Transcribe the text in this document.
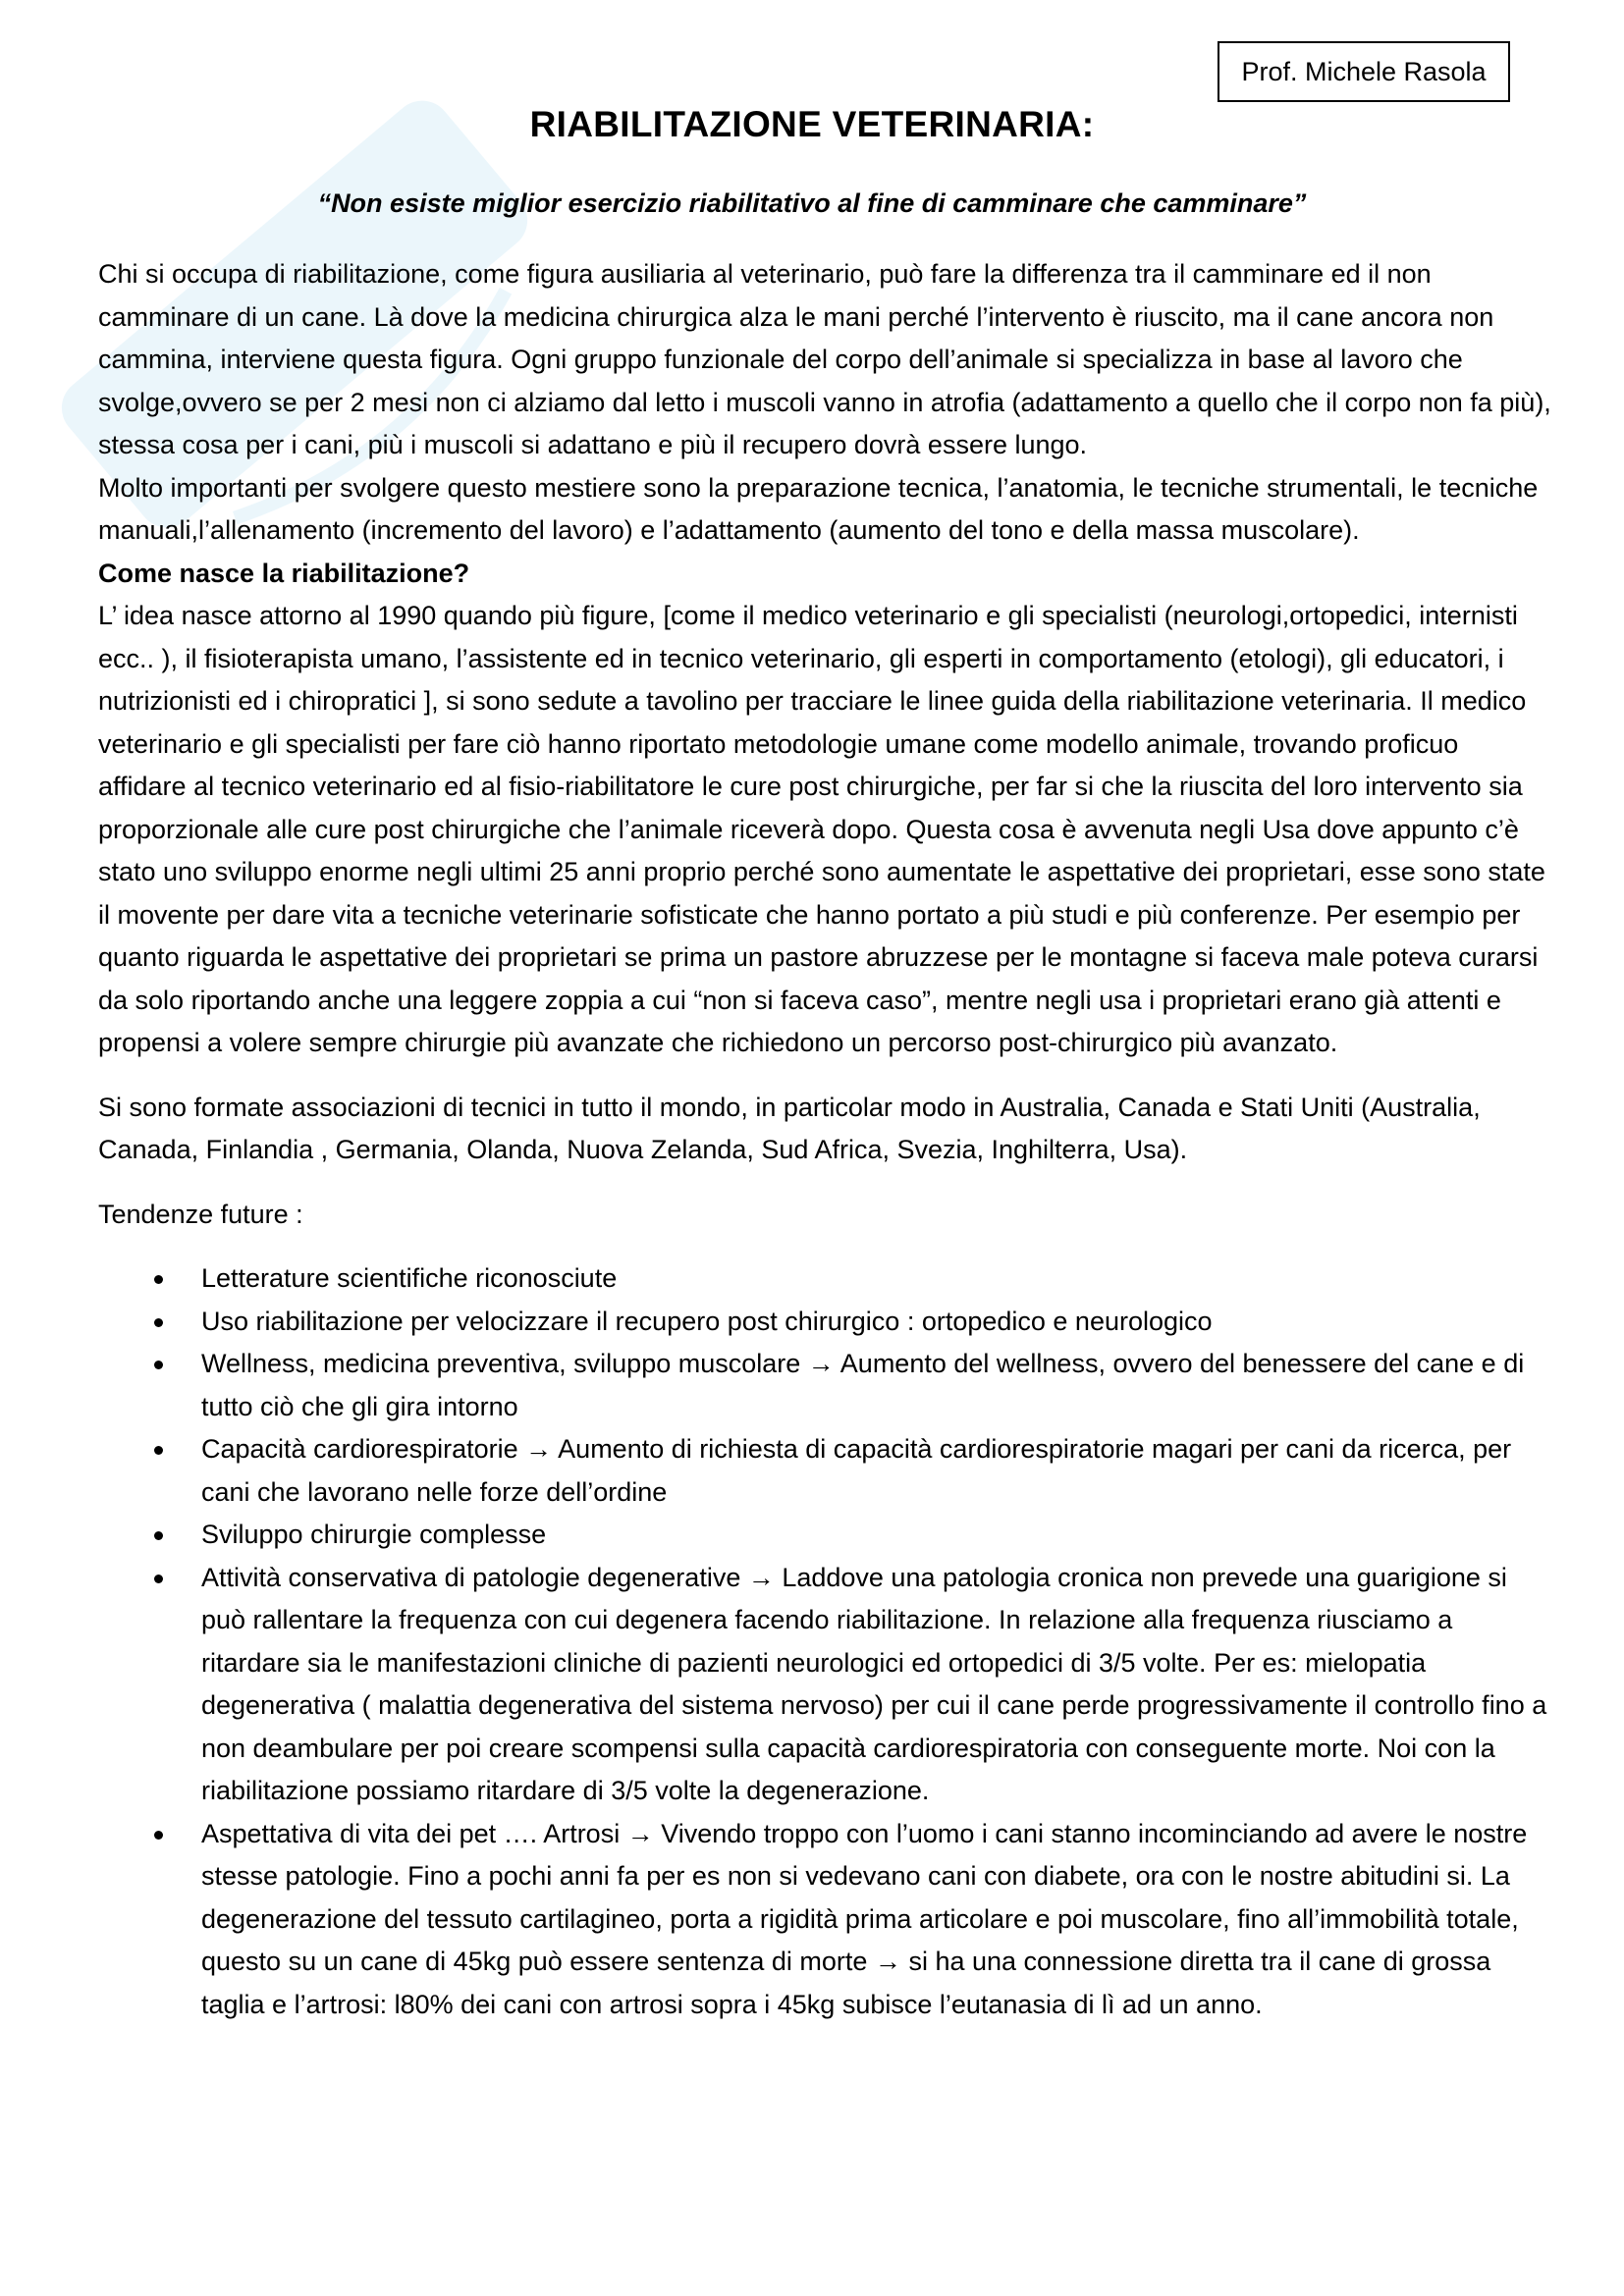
Prof. Michele Rasola
RIABILITAZIONE VETERINARIA:
“Non esiste miglior esercizio riabilitativo al fine di camminare che camminare”

Chi si occupa di riabilitazione, come figura ausiliaria al veterinario, può fare la differenza tra il camminare ed il non camminare di un cane. Là dove la medicina chirurgica alza le mani perché l’intervento è riuscito, ma il cane ancora non cammina, interviene questa figura. Ogni gruppo funzionale del corpo dell’animale si specializza in base al lavoro che svolge,ovvero se per 2 mesi non ci alziamo dal letto i muscoli vanno in atrofia (adattamento a quello che il corpo non fa più), stessa cosa per i cani, più i muscoli si adattano e più il recupero dovrà essere lungo.

Molto importanti per svolgere questo mestiere sono la preparazione tecnica, l’anatomia, le tecniche strumentali, le tecniche manuali,l’allenamento (incremento del lavoro) e l’adattamento (aumento del tono e della massa muscolare).

Come nasce la riabilitazione?

L’ idea nasce attorno al 1990 quando più figure, [come il medico veterinario e gli specialisti (neurologi,ortopedici, internisti ecc.. ), il fisioterapista umano, l’assistente ed in tecnico veterinario, gli esperti in comportamento (etologi), gli educatori, i nutrizionisti ed i chiropratici ], si sono sedute a tavolino per tracciare le linee guida della riabilitazione veterinaria. Il medico veterinario e gli specialisti per fare ciò hanno riportato metodologie umane come modello animale, trovando proficuo affidare al tecnico veterinario ed al fisio-riabilitatore le cure post chirurgiche, per far si che la riuscita del loro intervento sia proporzionale alle cure post chirurgiche che l’animale riceverà dopo. Questa cosa è avvenuta negli Usa dove appunto c’è stato uno sviluppo enorme negli ultimi 25 anni proprio perché sono aumentate le aspettative dei proprietari, esse sono state il movente per dare vita a tecniche veterinarie sofisticate che hanno portato a più studi e più conferenze. Per esempio per quanto riguarda le aspettative dei proprietari se prima un pastore abruzzese per le montagne si faceva male poteva curarsi da solo riportando anche una leggere zoppia a cui “non si faceva caso”, mentre negli usa i proprietari erano già attenti e propensi a volere sempre chirurgie più avanzate che richiedono un percorso post-chirurgico più avanzato.

Si sono formate associazioni di tecnici in tutto il mondo, in particolar modo in Australia, Canada e Stati Uniti (Australia, Canada, Finlandia , Germania, Olanda, Nuova Zelanda, Sud Africa, Svezia, Inghilterra, Usa).

Tendenze future :

Letterature scientifiche riconosciute
Uso riabilitazione per velocizzare il recupero post chirurgico : ortopedico e neurologico
Wellness, medicina preventiva, sviluppo muscolare → Aumento del wellness, ovvero del benessere del cane e di tutto ciò che gli gira intorno
Capacità cardiorespiratorie → Aumento di richiesta di capacità cardiorespiratorie magari per cani da ricerca, per cani che lavorano nelle forze dell’ordine
Sviluppo chirurgie complesse
Attività conservativa di patologie degenerative → Laddove una patologia cronica non prevede una guarigione si può rallentare la frequenza con cui degenera facendo riabilitazione. In relazione alla frequenza riusciamo a ritardare sia le manifestazioni cliniche di pazienti neurologici ed ortopedici di 3/5 volte. Per es: mielopatia degenerativa ( malattia degenerativa del sistema nervoso) per cui il cane perde progressivamente il controllo fino a non deambulare per poi creare scompensi sulla capacità cardiorespiratoria con conseguente morte. Noi con la riabilitazione possiamo ritardare di 3/5 volte la degenerazione.
Aspettativa di vita dei pet …. Artrosi → Vivendo troppo con l’uomo i cani stanno incominciando ad avere le nostre stesse patologie. Fino a pochi anni fa per es non si vedevano cani con diabete, ora con le nostre abitudini si. La degenerazione del tessuto cartilagineo, porta a rigidità prima articolare e poi muscolare, fino all’immobilità totale, questo su un cane di 45kg può essere sentenza di morte → si ha una connessione diretta tra il cane di grossa taglia e l’artrosi: l80% dei cani con artrosi sopra i 45kg subisce l’eutanasia di lì ad un anno.
